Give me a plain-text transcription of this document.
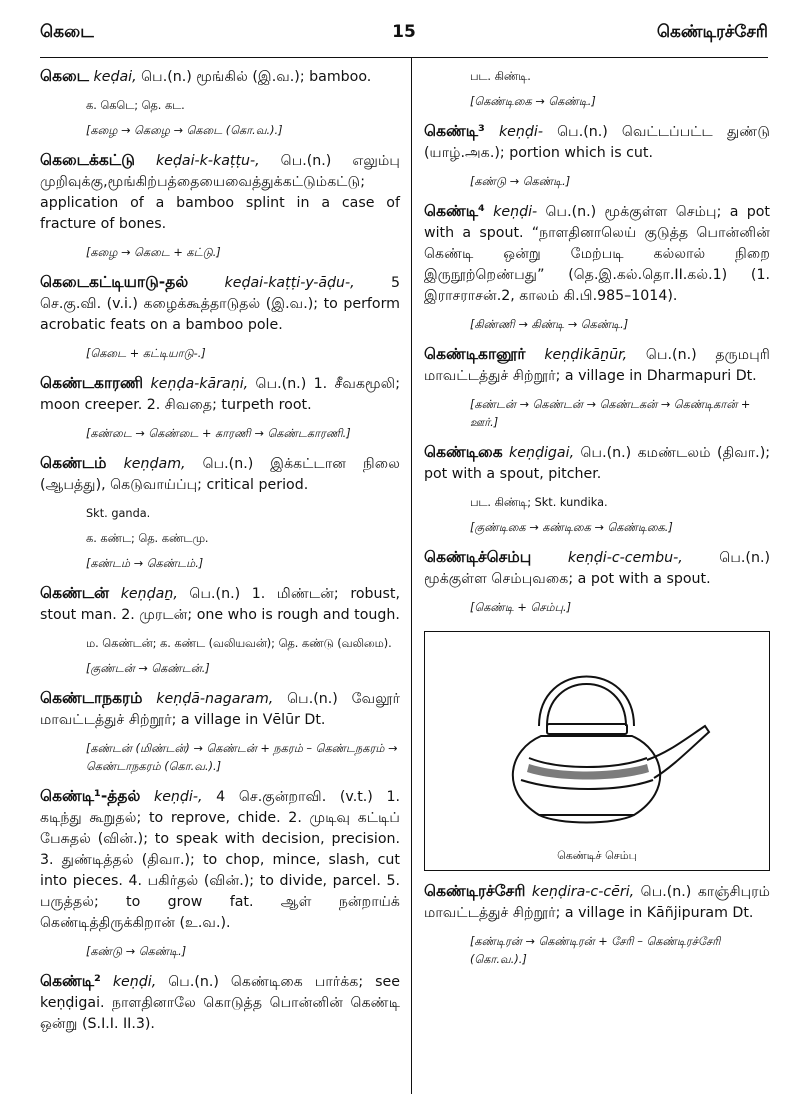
கெடை	15	கெண்டிரச்சேரி
கெடை keḍai, பெ.(n.) மூங்கில் (இ.வ.); bamboo.
க. கெடெ; தெ. கட.
[கழை → கெழை → கெடை (கொ.வ.).]
கெடைக்கட்டு keḍai-k-kaṭṭu-, பெ.(n.) எலும்பு முறிவுக்கு,மூங்கிற்பத்தையைவைத்துக்கட்டும்கட்டு; application of a bamboo splint in a case of fracture of bones.
[கழை → கெடை + கட்டு.]
கெடைகட்டியாடு-தல்	keḍai-kaṭṭi-y-āḍu-, 5 செ.கு.வி. (v.i.) கழைக்கூத்தாடுதல் (இ.வ.); to perform acrobatic feats on a bamboo pole.
[கெடை + கட்டியாடு-.]
கெண்டகாரணி keṇḍa-kāraṇi, பெ.(n.) 1. சீவகமூலி; moon creeper. 2. சிவதை; turpeth root.
[கண்டை → கெண்டை + காரணி → கெண்டகாரணி.]
கெண்டம் keṇḍam, பெ.(n.) இக்கட்டான நிலை (ஆபத்து), கெடுவாய்ப்பு; critical period.
Skt. ganda.
க. கண்ட; தெ. கண்டமு.
[கண்டம் → கெண்டம்.]
கெண்டன் keṇḍaṉ, பெ.(n.) 1. மிண்டன்; robust, stout man. 2. முரடன்; one who is rough and tough.
ம. கெண்டன்; க. கண்ட (வலியவன்); தெ. கண்டு (வலிமை).
[குண்டன் → கெண்டன்.]
கெண்டாநகரம் keṇḍā-nagaram, பெ.(n.) வேலூர் மாவட்டத்துச் சிற்றூர்; a village in Vēlūr Dt.
[கண்டன் (மிண்டன்) → கெண்டன் + நகரம் – கெண்டநகரம் → கெண்டாநகரம் (கொ.வ.).]
கெண்டி¹-த்தல் keṇḍi-, 4 செ.குன்றாவி. (v.t.) 1. கடிந்து கூறுதல்; to reprove, chide. 2. முடிவு கட்டிப் பேசுதல் (வின்.); to speak with decision, precision. 3. துண்டித்தல் (திவா.); to chop, mince, slash, cut into pieces. 4. பகிர்தல் (வின்.); to divide, parcel. 5. பருத்தல்; to grow fat. ஆள் நன்றாய்க் கெண்டித்திருக்கிறான் (உ.வ.).
[கண்டு → கெண்டி.]
கெண்டி² keṇḍi, பெ.(n.) கெண்டிகை பார்க்க; see keṇḍigai. நாளதினாலே கொடுத்த பொன்னின் கெண்டி ஒன்று (S.I.I. II.3).
பட. கிண்டி.
[கெண்டிகை → கெண்டி.]
கெண்டி³ keṇḍi- பெ.(n.) வெட்டப்பட்ட துண்டு (யாழ்.அக.); portion which is cut.
[கண்டு → கெண்டி.]
கெண்டி⁴ keṇḍi- பெ.(n.) மூக்குள்ள செம்பு; a pot with a spout. “நாளதினாலெய் குடுத்த பொன்னின் கெண்டி ஒன்று மேற்படி கல்லால் நிறை இருநூற்றெண்பது” (தெ.இ.கல்.தொ.II.கல்.1) (1. இராசராசன்.2, காலம் கி.பி.985–1014).
[கிண்ணி → கிண்டி → கெண்டி.]
கெண்டிகானூர் keṇḍikāṉūr, பெ.(n.) தருமபுரி மாவட்டத்துச் சிற்றூர்; a village in Dharmapuri Dt.
[கண்டன் → கெண்டன் → கெண்டகன் → கெண்டிகான் + ஊர்.]
கெண்டிகை keṇḍigai, பெ.(n.) கமண்டலம் (திவா.); pot with a spout, pitcher.
பட. கிண்டி; Skt. kundika.
[குண்டிகை → கண்டிகை → கெண்டிகை.]
கெண்டிச்செம்பு	keṇḍi-c-cembu-, பெ.(n.) மூக்குள்ள செம்புவகை; a pot with a spout.
[கெண்டி + செம்பு.]
கெண்டிச் செம்பு
கெண்டிரச்சேரி keṇḍira-c-cēri, பெ.(n.) காஞ்சிபுரம் மாவட்டத்துச் சிற்றூர்; a village in Kāñjipuram Dt.
[கண்டிரன் → கெண்டிரன் + சேரி – கெண்டிரச்சேரி (கொ.வ.).]
